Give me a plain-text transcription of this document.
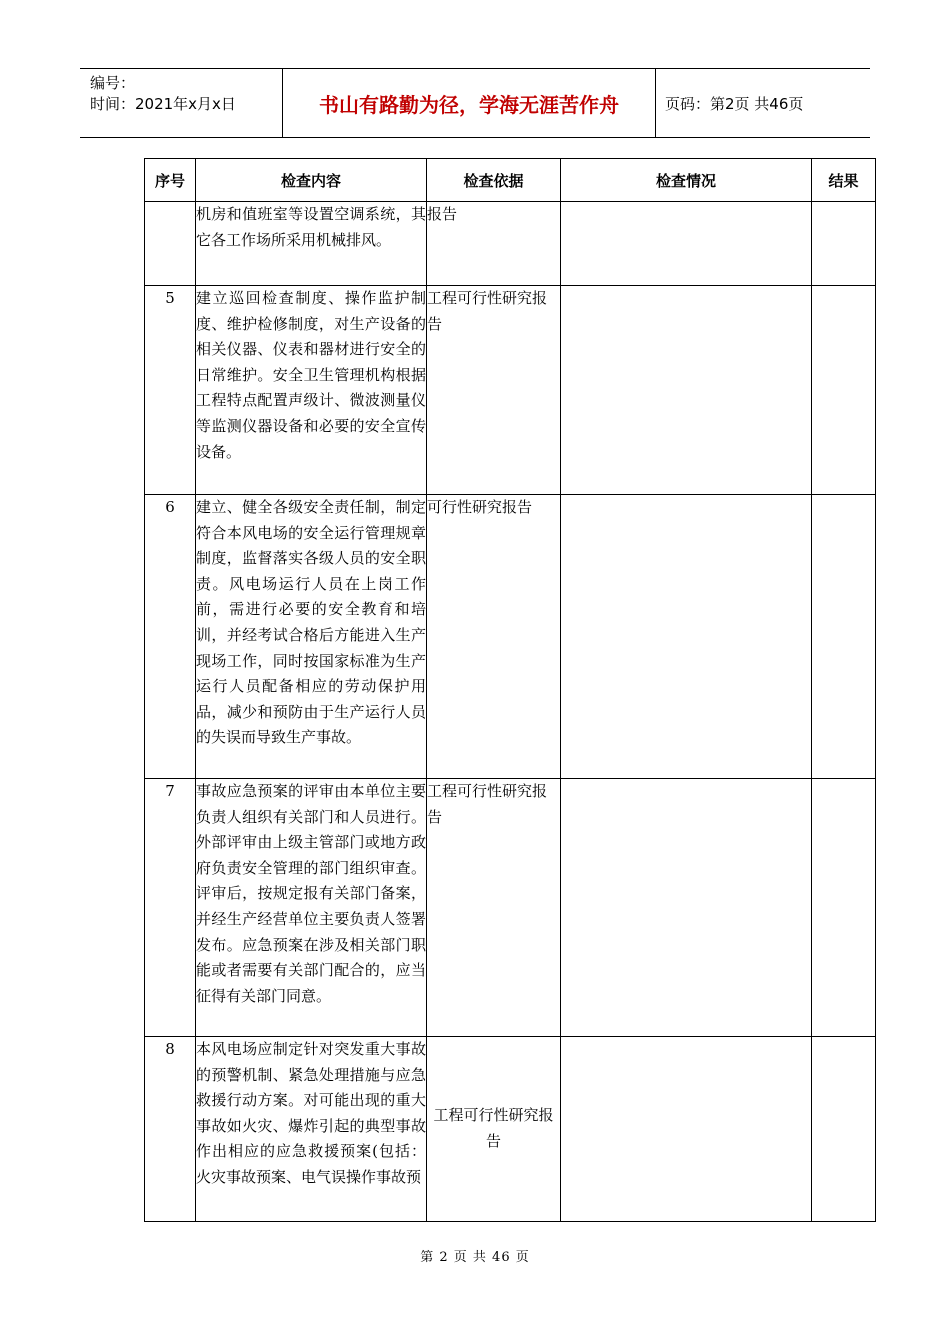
编号：
时间：2021年x月x日	书山有路勤为径，学海无涯苦作舟	页码：第2页 共46页
序号	检查内容	检查依据	检查情况	结果
	机房和值班室等设置空调系统，其它各工作场所采用机械排风。	报告		
5	建立巡回检查制度、操作监护制度、维护检修制度，对生产设备的相关仪器、仪表和器材进行安全的日常维护。安全卫生管理机构根据工程特点配置声级计、微波测量仪等监测仪器设备和必要的安全宣传设备。	工程可行性研究报告		
6	建立、健全各级安全责任制，制定符合本风电场的安全运行管理规章制度，监督落实各级人员的安全职责。风电场运行人员在上岗工作前，需进行必要的安全教育和培训，并经考试合格后方能进入生产现场工作，同时按国家标准为生产运行人员配备相应的劳动保护用品，减少和预防由于生产运行人员的失误而导致生产事故。	可行性研究报告		
7	事故应急预案的评审由本单位主要负责人组织有关部门和人员进行。外部评审由上级主管部门或地方政府负责安全管理的部门组织审查。评审后，按规定报有关部门备案，并经生产经营单位主要负责人签署发布。应急预案在涉及相关部门职能或者需要有关部门配合的，应当征得有关部门同意。	工程可行性研究报告		
8	本风电场应制定针对突发重大事故的预警机制、紧急处理措施与应急救援行动方案。对可能出现的重大事故如火灾、爆炸引起的典型事故作出相应的应急救援预案(包括：火灾事故预案、电气误操作事故预	工程可行性研究报告		
第 2 页 共 46 页
